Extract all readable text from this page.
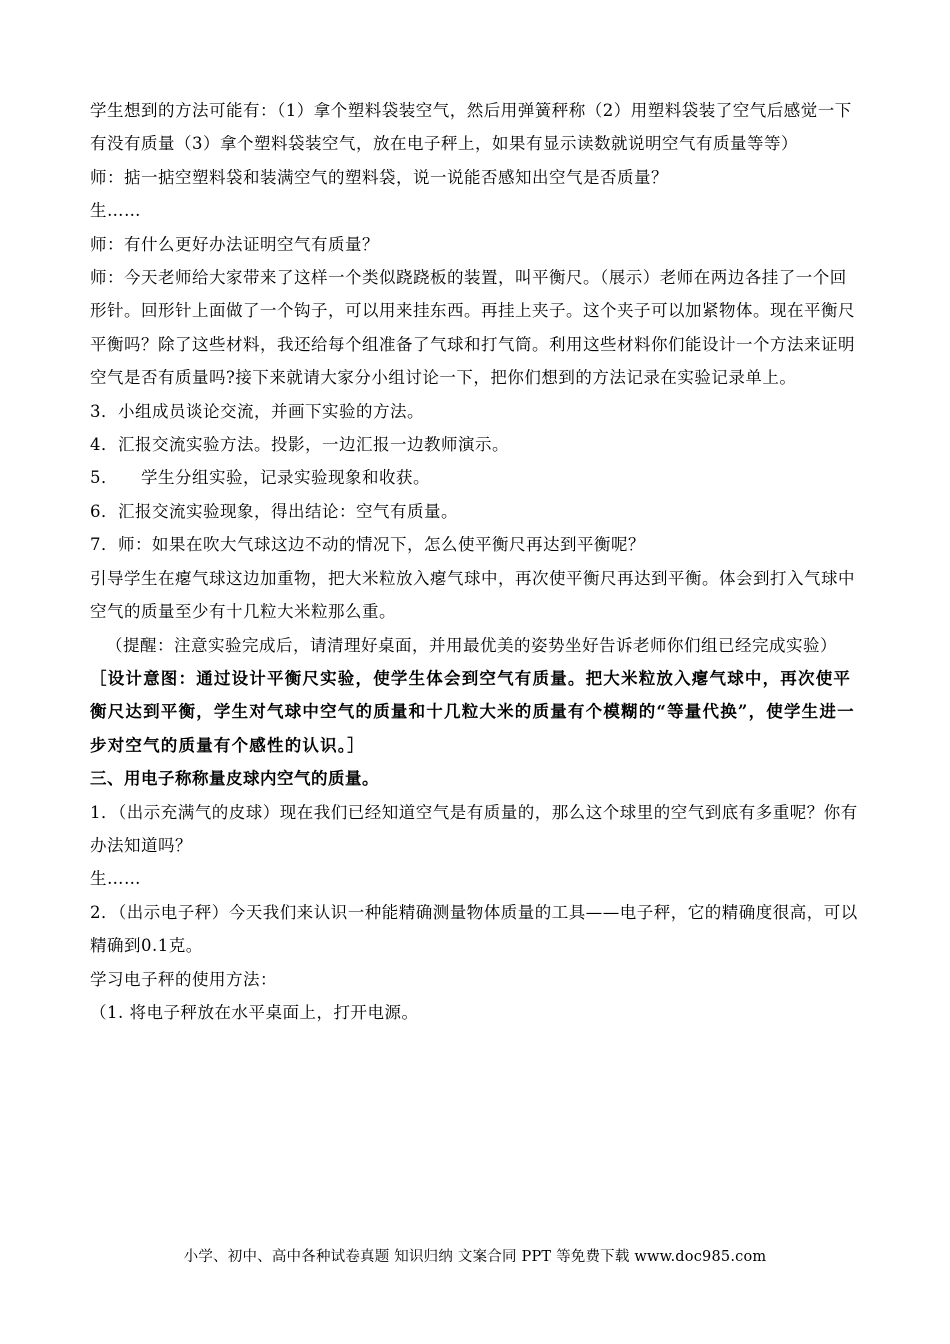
学生想到的方法可能有：（1）拿个塑料袋装空气，然后用弹簧秤称（2）用塑料袋装了空气后感觉一下有没有质量（3）拿个塑料袋装空气，放在电子秤上，如果有显示读数就说明空气有质量等等）

师：掂一掂空塑料袋和装满空气的塑料袋，说一说能否感知出空气是否质量？

生……

师：有什么更好办法证明空气有质量？

师：今天老师给大家带来了这样一个类似跷跷板的装置，叫平衡尺。（展示）老师在两边各挂了一个回形针。回形针上面做了一个钩子，可以用来挂东西。再挂上夹子。这个夹子可以加紧物体。现在平衡尺平衡吗？除了这些材料，我还给每个组准备了气球和打气筒。利用这些材料你们能设计一个方法来证明空气是否有质量吗?接下来就请大家分小组讨论一下，把你们想到的方法记录在实验记录单上。

3．小组成员谈论交流，并画下实验的方法。

4．汇报交流实验方法。投影，一边汇报一边教师演示。

5．    学生分组实验，记录实验现象和收获。

6．汇报交流实验现象，得出结论：空气有质量。

7．师：如果在吹大气球这边不动的情况下，怎么使平衡尺再达到平衡呢？

引导学生在瘪气球这边加重物，把大米粒放入瘪气球中，再次使平衡尺再达到平衡。体会到打入气球中空气的质量至少有十几粒大米粒那么重。

（提醒：注意实验完成后，请清理好桌面，并用最优美的姿势坐好告诉老师你们组已经完成实验）

［设计意图：通过设计平衡尺实验，使学生体会到空气有质量。把大米粒放入瘪气球中，再次使平衡尺达到平衡，学生对气球中空气的质量和十几粒大米的质量有个模糊的“等量代换”，使学生进一步对空气的质量有个感性的认识。］

三、用电子称称量皮球内空气的质量。

1．（出示充满气的皮球）现在我们已经知道空气是有质量的，那么这个球里的空气到底有多重呢？你有办法知道吗？

生……

2．（出示电子秤）今天我们来认识一种能精确测量物体质量的工具——电子秤，它的精确度很高，可以精确到0.1克。

学习电子秤的使用方法：

（1. 将电子秤放在水平桌面上，打开电源。

小学、初中、高中各种试卷真题 知识归纳 文案合同 PPT 等免费下载 www.doc985.com
